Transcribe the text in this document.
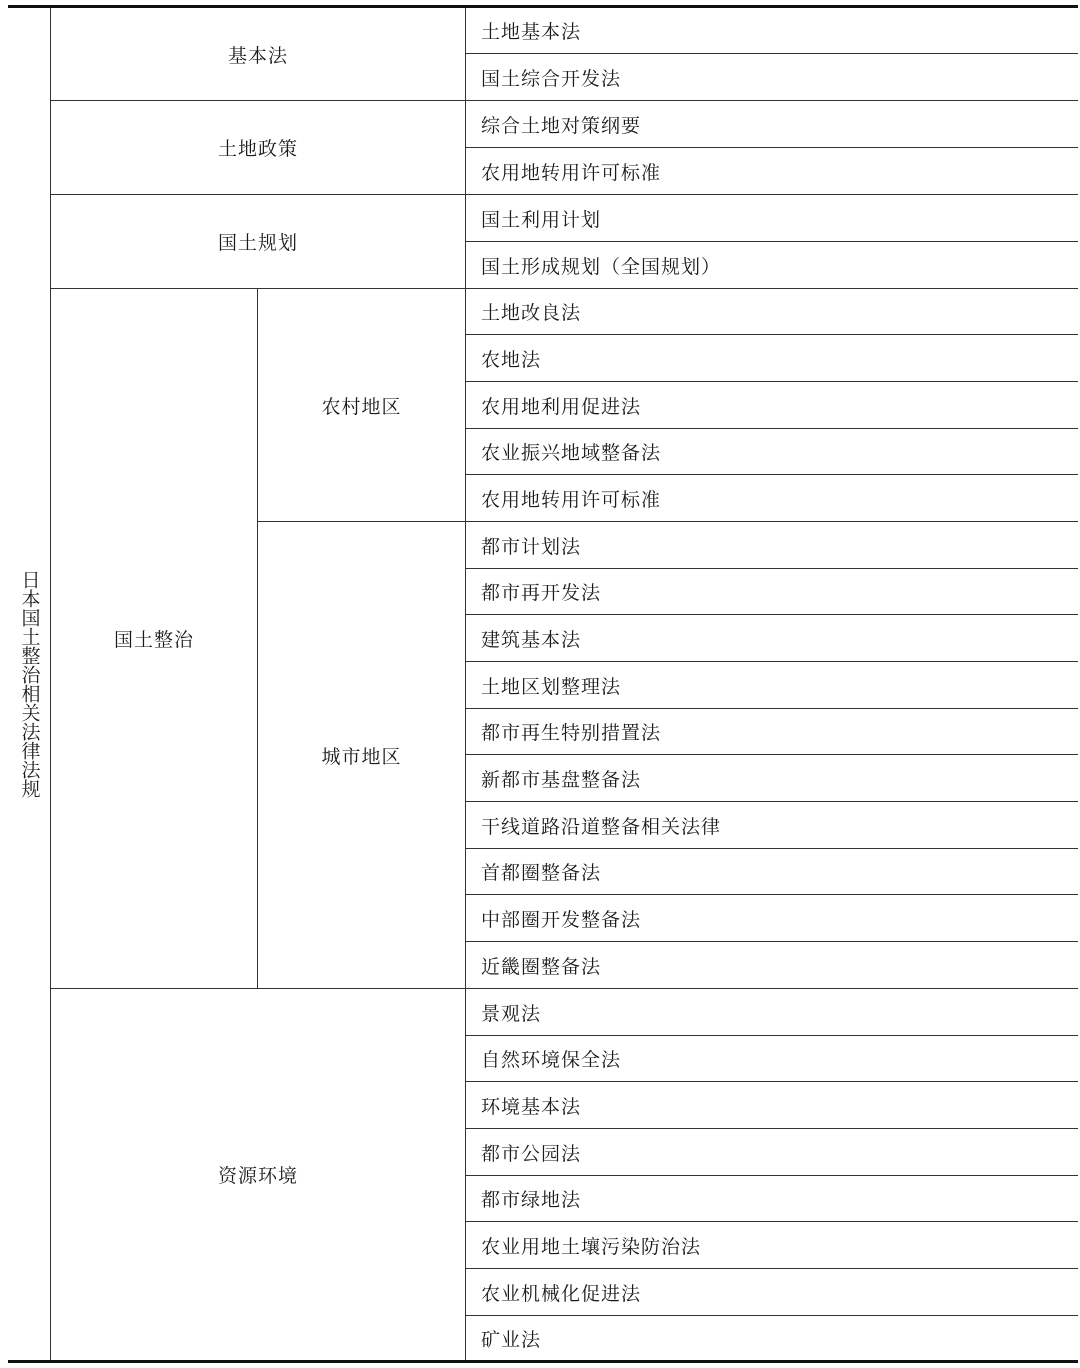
日本国土整治相关法律法规
基本法
土地政策
国土规划
国土整治
农村地区
城市地区
资源环境
土地基本法
国土综合开发法
综合土地对策纲要
农用地转用许可标准
国土利用计划
国土形成规划（全国规划）
土地改良法
农地法
农用地利用促进法
农业振兴地域整备法
农用地转用许可标准
都市计划法
都市再开发法
建筑基本法
土地区划整理法
都市再生特别措置法
新都市基盘整备法
干线道路沿道整备相关法律
首都圈整备法
中部圈开发整备法
近畿圈整备法
景观法
自然环境保全法
环境基本法
都市公园法
都市绿地法
农业用地土壤污染防治法
农业机械化促进法
矿业法
